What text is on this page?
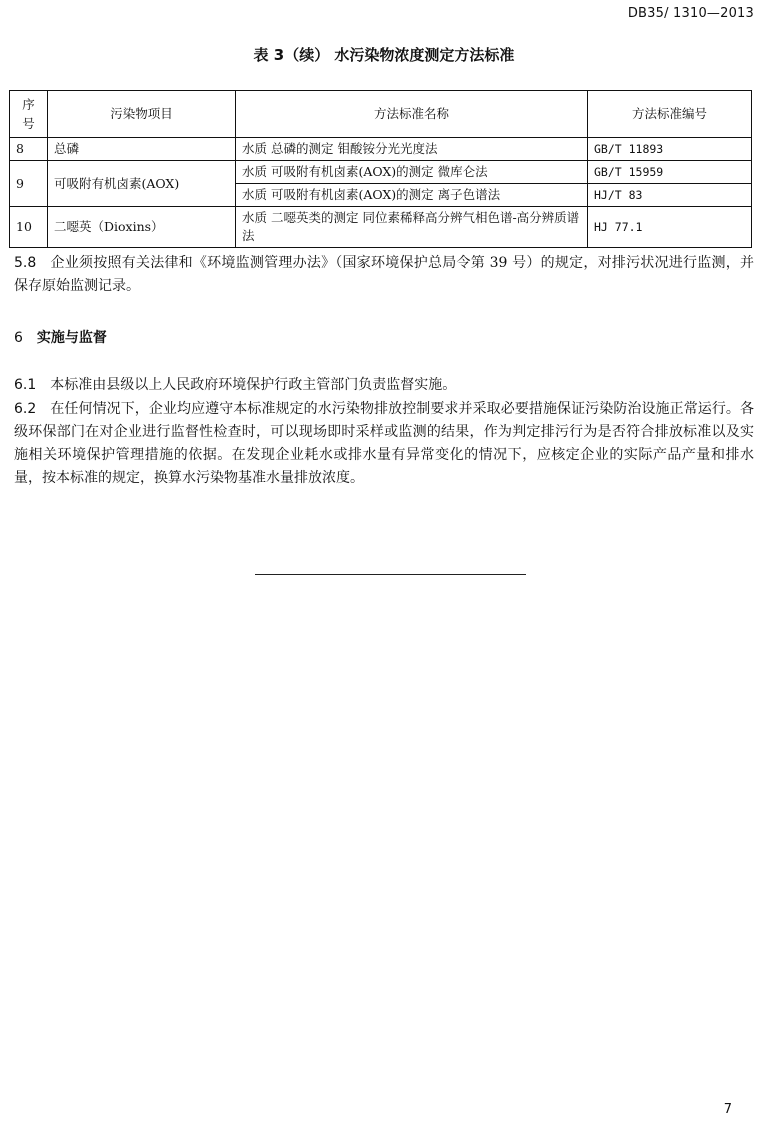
DB35/ 1310—2013
表 3（续） 水污染物浓度测定方法标准
序号	污染物项目	方法标准名称	方法标准编号
8	总磷	水质 总磷的测定 钼酸铵分光光度法	GB/T 11893
9	可吸附有机卤素(AOX)	水质 可吸附有机卤素(AOX)的测定 微库仑法	GB/T 15959
		水质 可吸附有机卤素(AOX)的测定 离子色谱法	HJ/T 83
10	二噁英（Dioxins）	水质 二噁英类的测定 同位素稀释高分辨气相色谱-高分辨质谱法	HJ 77.1
5.8 企业须按照有关法律和《环境监测管理办法》（国家环境保护总局令第 39 号）的规定，对排污状况进行监测，并保存原始监测记录。
6 实施与监督
6.1 本标准由县级以上人民政府环境保护行政主管部门负责监督实施。
6.2 在任何情况下，企业均应遵守本标准规定的水污染物排放控制要求并采取必要措施保证污染防治设施正常运行。各级环保部门在对企业进行监督性检查时，可以现场即时采样或监测的结果，作为判定排污行为是否符合排放标准以及实施相关环境保护管理措施的依据。在发现企业耗水或排水量有异常变化的情况下，应核定企业的实际产品产量和排水量，按本标准的规定，换算水污染物基准水量排放浓度。
7
